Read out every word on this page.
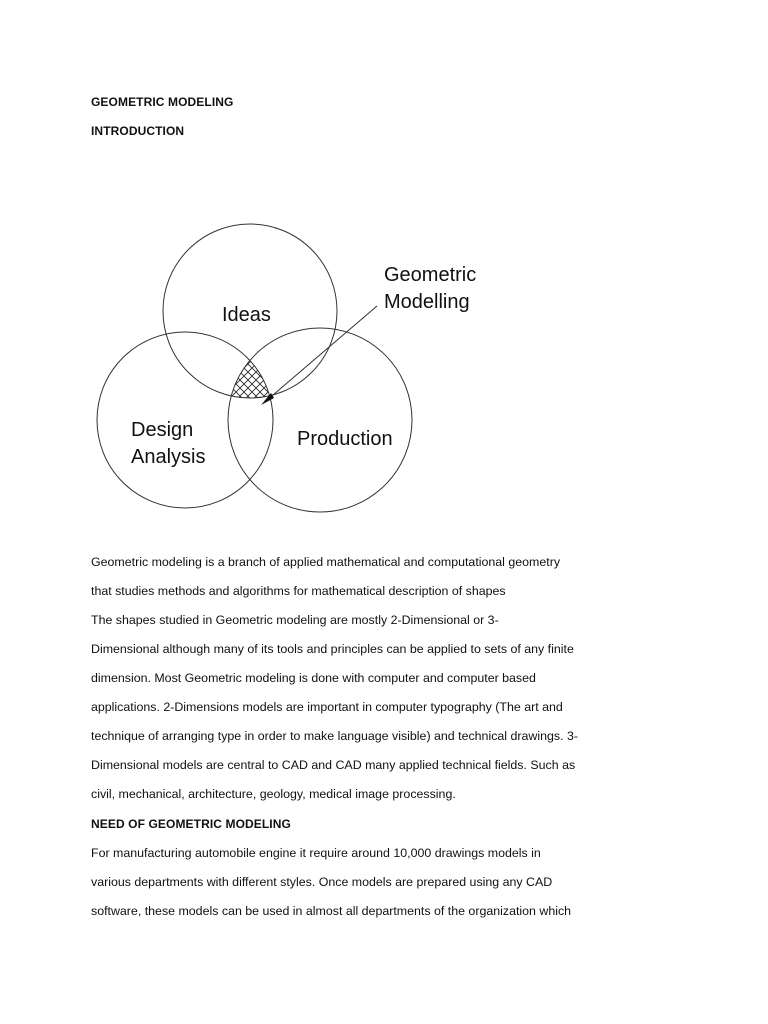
GEOMETRIC MODELING
INTRODUCTION
Ideas
Design
Analysis
Production
Geometric
Modelling
Geometric modeling is a branch of applied mathematical and computational geometry
that studies methods and algorithms for mathematical description of shapes
The shapes studied in Geometric modeling are mostly 2-Dimensional or 3-
Dimensional although many of its tools and principles can be applied to sets of any finite
dimension. Most Geometric modeling is done with computer and computer based
applications. 2-Dimensions models are important in computer typography (The art and
technique of arranging type in order to make language visible) and technical drawings. 3-
Dimensional models are central to CAD and CAD many applied technical fields. Such as
civil, mechanical, architecture, geology, medical image processing.
NEED OF GEOMETRIC MODELING
For manufacturing automobile engine it require around 10,000 drawings models in
various departments with different styles. Once models are prepared using any CAD
software, these models can be used in almost all departments of the organization which
